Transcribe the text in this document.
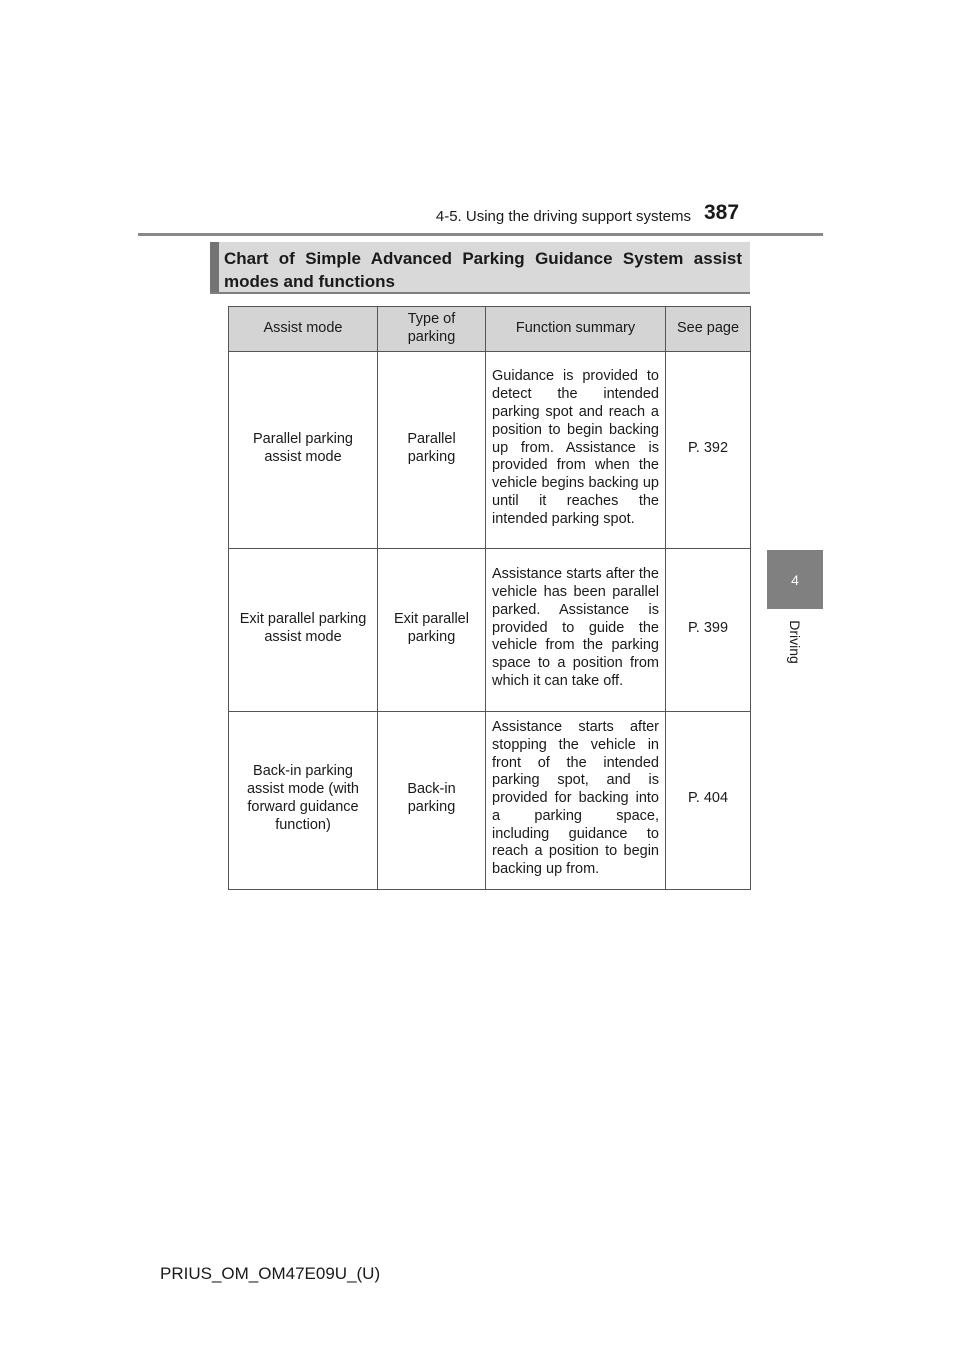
4-5. Using the driving support systems 387
4
Driving
Chart of Simple Advanced Parking Guidance System assist modes and functions
Assist mode	Type of parking	Function summary	See page
Parallel parking assist mode	Parallel parking	Guidance is provided to detect the intended parking spot and reach a position to begin backing up from. Assistance is provided from when the vehicle begins backing up until it reaches the intended parking spot.	P. 392
Exit parallel parking assist mode	Exit parallel parking	Assistance starts after the vehicle has been parallel parked. Assistance is provided to guide the vehicle from the parking space to a position from which it can take off.	P. 399
Back-in parking assist mode (with forward guidance function)	Back-in parking	Assistance starts after stopping the vehicle in front of the intended parking spot, and is provided for backing into a parking space, including guidance to reach a position to begin backing up from.	P. 404
PRIUS_OM_OM47E09U_(U)
